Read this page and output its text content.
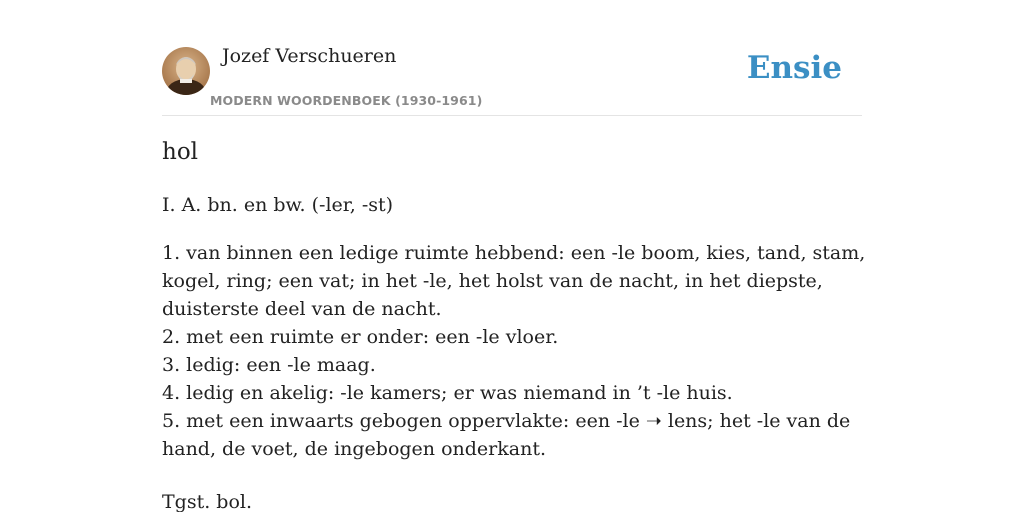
Jozef Verschueren
MODERN WOORDENBOEK (1930-1961)
Ensie
hol
I. A. bn. en bw. (-ler, -st)
1. van binnen een ledige ruimte hebbend: een -le boom, kies, tand, stam, kogel, ring; een vat; in het -le, het holst van de nacht, in het diepste, duisterste deel van de nacht.
2. met een ruimte er onder: een -le vloer.
3. ledig: een -le maag.
4. ledig en akelig: -le kamers; er was niemand in ’t -le huis.
5. met een inwaarts gebogen oppervlakte: een -le ➝ lens; het -le van de hand, de voet, de ingebogen onderkant.
Tgst. bol.
